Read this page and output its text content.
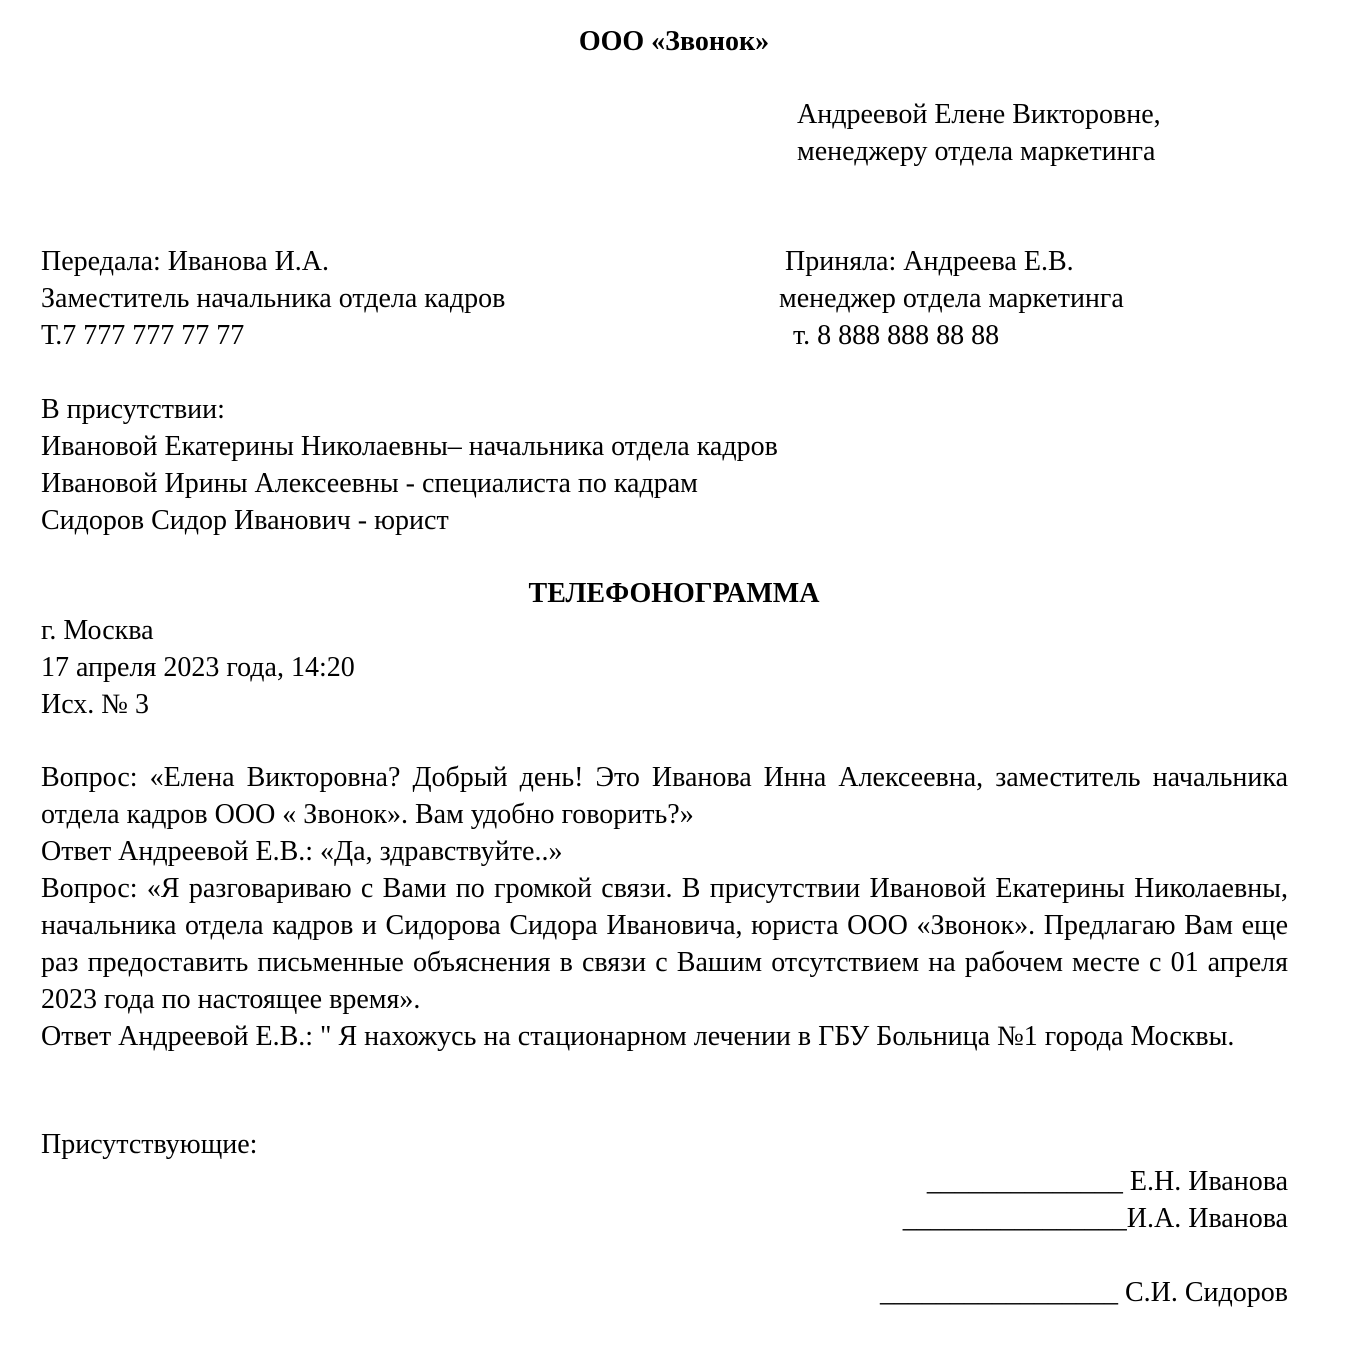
ООО «Звонок»
Андреевой Елене Викторовне,
менеджеру отдела маркетинга
Передала: Иванова И.А.
Заместитель начальника отдела кадров
Т.7 777 777 77 77
Приняла: Андреева Е.В.
менеджер отдела маркетинга
т. 8 888 888 88 88
В присутствии:
Ивановой Екатерины Николаевны– начальника отдела кадров
Ивановой Ирины Алексеевны - специалиста по кадрам
Сидоров Сидор Иванович - юрист
ТЕЛЕФОНОГРАММА
г. Москва
17 апреля 2023 года, 14:20
Исх. № 3
Вопрос: «Елена Викторовна? Добрый день! Это Иванова Инна Алексеевна, заместитель начальника отдела кадров ООО « Звонок». Вам удобно говорить?»
Ответ Андреевой Е.В.: «Да, здравствуйте..»
Вопрос: «Я разговариваю с Вами по громкой связи. В присутствии Ивановой Екатерины Николаевны, начальника отдела кадров и Сидорова Сидора Ивановича, юриста ООО «Звонок». Предлагаю Вам еще раз предоставить письменные объяснения в связи с Вашим отсутствием на рабочем месте с 01 апреля 2023 года по настоящее время».
Ответ Андреевой Е.В.: " Я нахожусь на стационарном лечении в ГБУ Больница №1 города Москвы.
Присутствующие:
______________ Е.Н. Иванова
________________И.А. Иванова
_________________ С.И. Сидоров
